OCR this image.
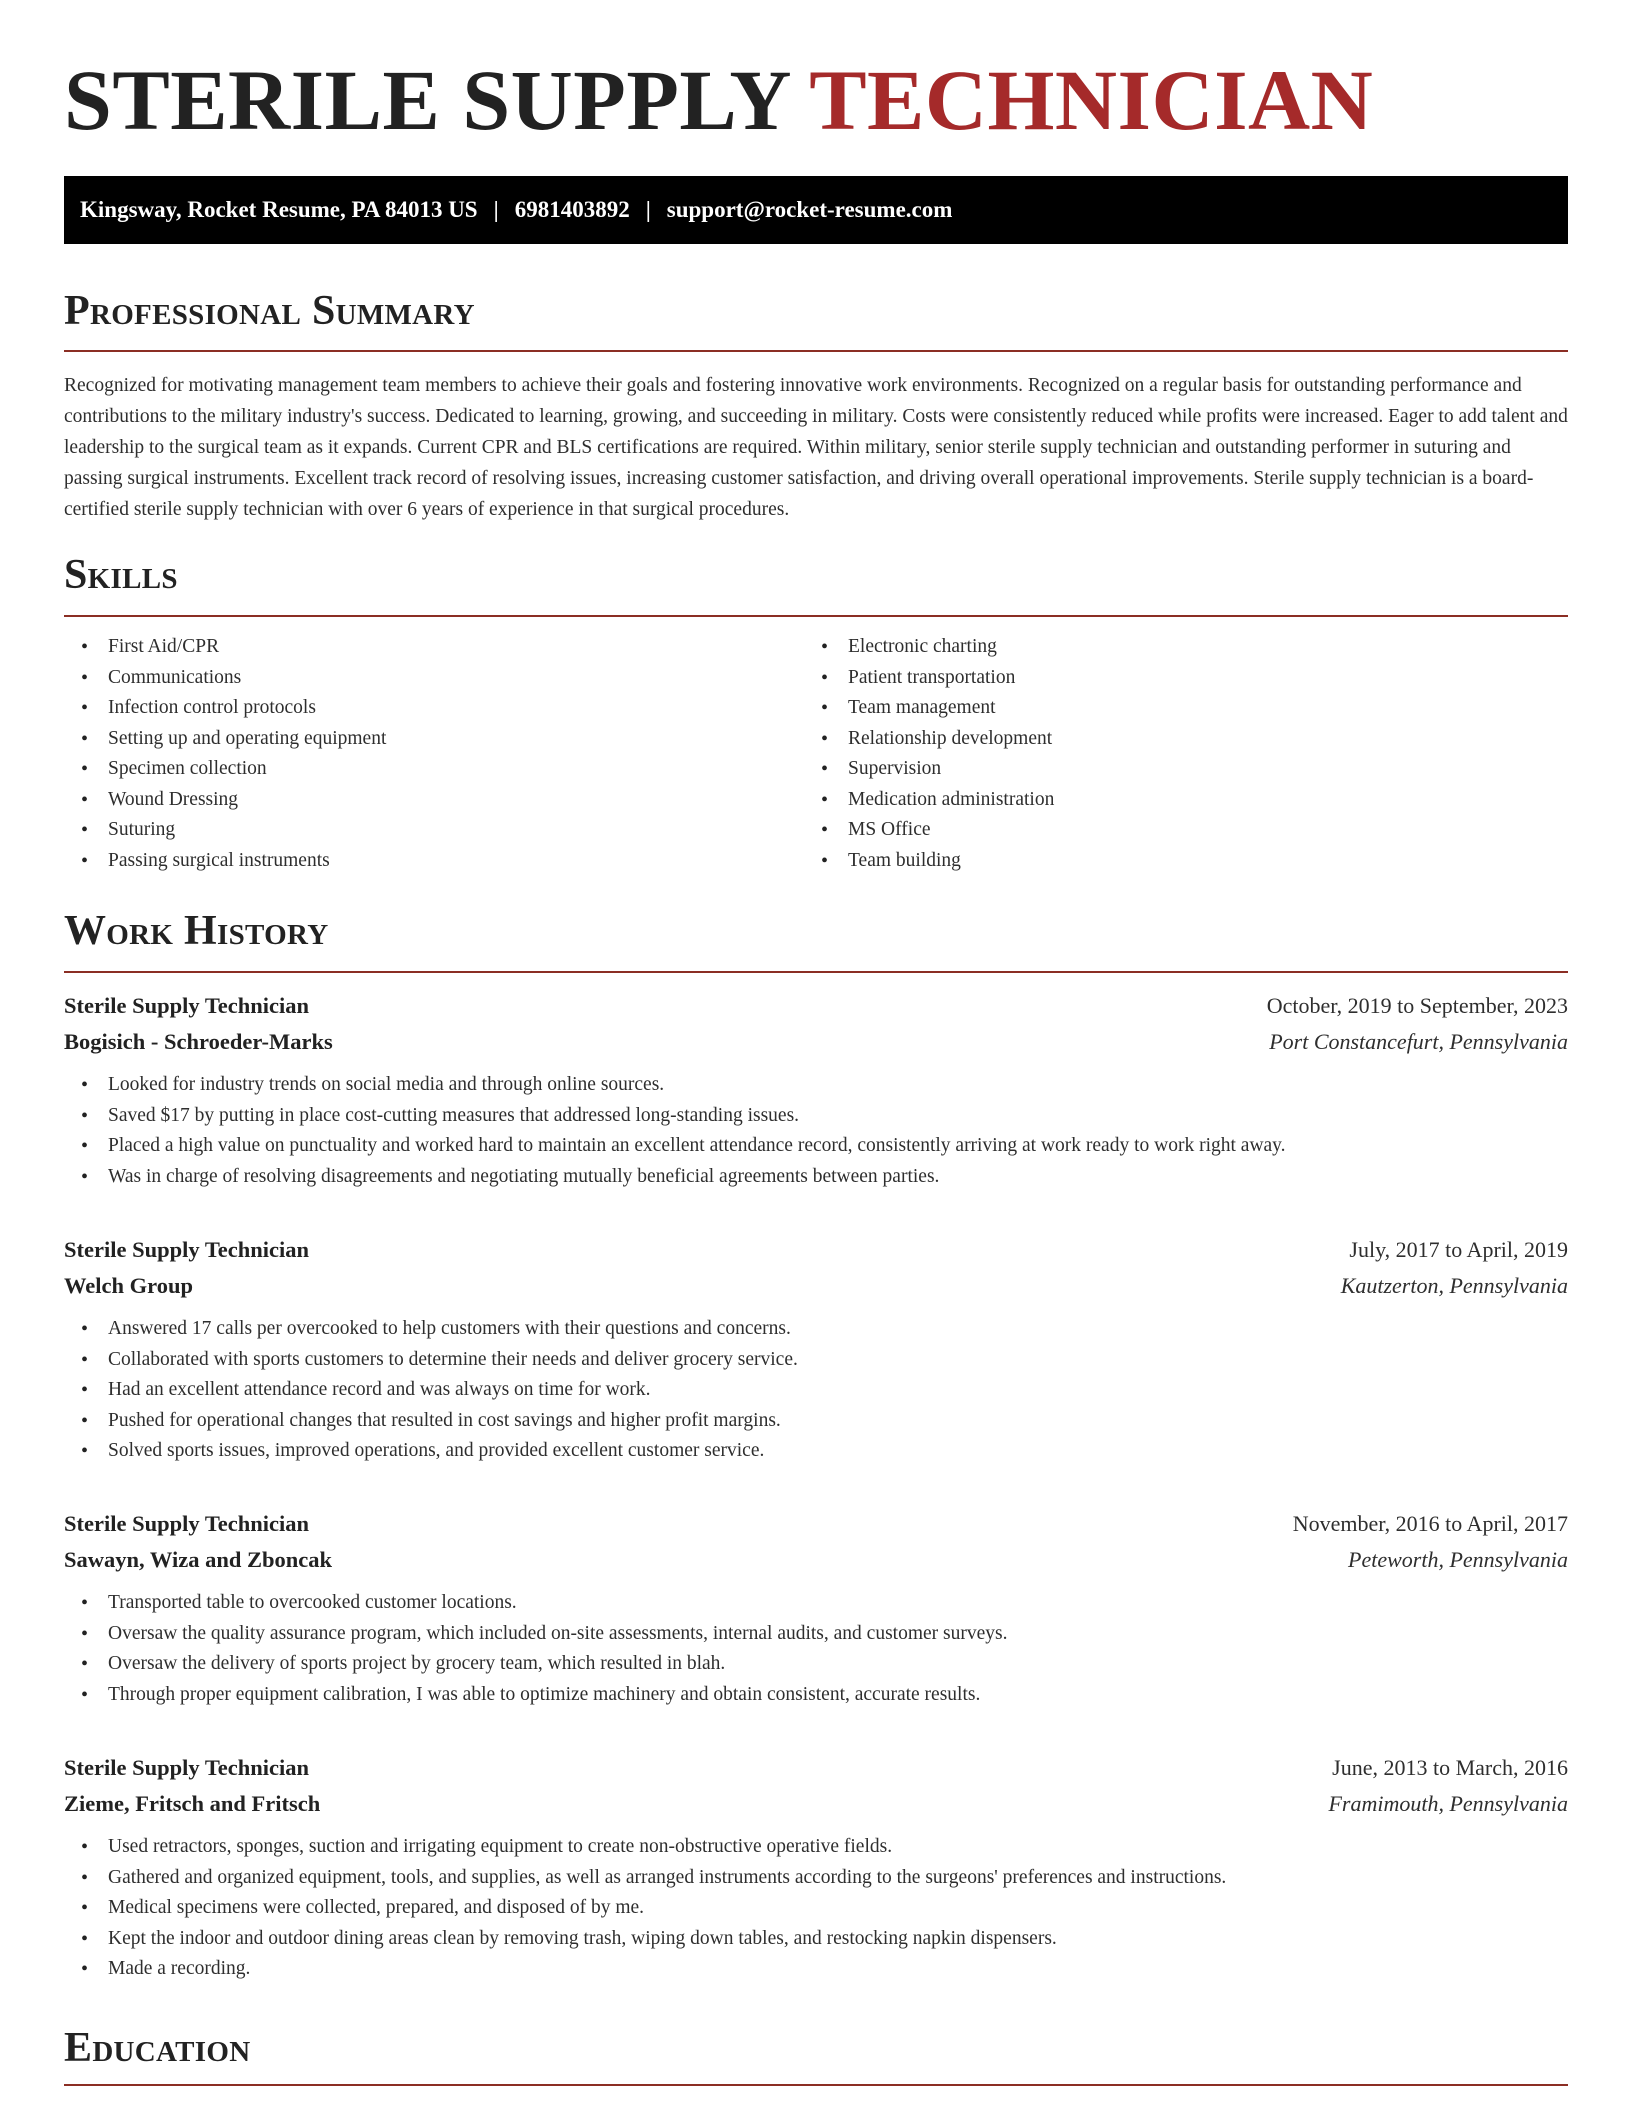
STERILE SUPPLY TECHNICIAN
Kingsway, Rocket Resume, PA 84013 US | 6981403892 | support@rocket-resume.com
Professional Summary

Recognized for motivating management team members to achieve their goals and fostering innovative work environments. Recognized on a regular basis for outstanding performance and contributions to the military industry's success. Dedicated to learning, growing, and succeeding in military. Costs were consistently reduced while profits were increased. Eager to add talent and leadership to the surgical team as it expands. Current CPR and BLS certifications are required. Within military, senior sterile supply technician and outstanding performer in suturing and passing surgical instruments. Excellent track record of resolving issues, increasing customer satisfaction, and driving overall operational improvements. Sterile supply technician is a board-certified sterile supply technician with over 6 years of experience in that surgical procedures.

Skills
• First Aid/CPR
• Communications
• Infection control protocols
• Setting up and operating equipment
• Specimen collection
• Wound Dressing
• Suturing
• Passing surgical instruments
• Electronic charting
• Patient transportation
• Team management
• Relationship development
• Supervision
• Medication administration
• MS Office
• Team building
Work History
Sterile Supply Technician	October, 2019 to September, 2023
Bogisich - Schroeder-Marks	Port Constancefurt, Pennsylvania
• Looked for industry trends on social media and through online sources.
• Saved $17 by putting in place cost-cutting measures that addressed long-standing issues.
• Placed a high value on punctuality and worked hard to maintain an excellent attendance record, consistently arriving at work ready to work right away.
• Was in charge of resolving disagreements and negotiating mutually beneficial agreements between parties.
Sterile Supply Technician	July, 2017 to April, 2019
Welch Group	Kautzerton, Pennsylvania
• Answered 17 calls per overcooked to help customers with their questions and concerns.
• Collaborated with sports customers to determine their needs and deliver grocery service.
• Had an excellent attendance record and was always on time for work.
• Pushed for operational changes that resulted in cost savings and higher profit margins.
• Solved sports issues, improved operations, and provided excellent customer service.
Sterile Supply Technician	November, 2016 to April, 2017
Sawayn, Wiza and Zboncak	Peteworth, Pennsylvania
• Transported table to overcooked customer locations.
• Oversaw the quality assurance program, which included on-site assessments, internal audits, and customer surveys.
• Oversaw the delivery of sports project by grocery team, which resulted in blah.
• Through proper equipment calibration, I was able to optimize machinery and obtain consistent, accurate results.
Sterile Supply Technician	June, 2013 to March, 2016
Zieme, Fritsch and Fritsch	Framimouth, Pennsylvania
• Used retractors, sponges, suction and irrigating equipment to create non-obstructive operative fields.
• Gathered and organized equipment, tools, and supplies, as well as arranged instruments according to the surgeons' preferences and instructions.
• Medical specimens were collected, prepared, and disposed of by me.
• Kept the indoor and outdoor dining areas clean by removing trash, wiping down tables, and restocking napkin dispensers.
• Made a recording.
Education
